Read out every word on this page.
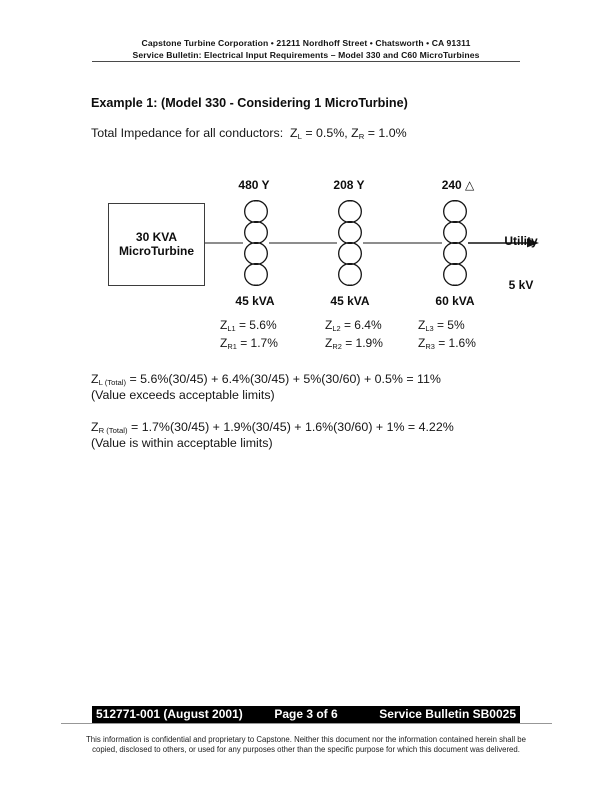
Capstone Turbine Corporation • 21211 Nordhoff Street • Chatsworth • CA 91311
Service Bulletin: Electrical Input Requirements – Model 330 and C60 MicroTurbines
Example 1: (Model 330 - Considering 1 MicroTurbine)
Total Impedance for all conductors:  $Z_L = 0.5\%$, $Z_R = 1.0\%$
480 Y	208 Y	240 △
30 KVA
MicroTurbine

Utility

5 kV

45 kVA	45 kVA	60 kVA
$Z_{L1} = 5.6\%$	$Z_{L2} = 6.4\%$	$Z_{L3} = 5\%$
$Z_{R1} = 1.7\%$	$Z_{R2} = 1.9\%$	$Z_{R3} = 1.6\%$
$Z_{L (Total)} = 5.6\%(30/45) + 6.4\%(30/45) + 5\%(30/60) + 0.5\% = 11\%$
(Value exceeds acceptable limits)
$Z_{R (Total)} = 1.7\%(30/45) + 1.9\%(30/45) + 1.6\%(30/60) + 1\% = 4.22\%$
(Value is within acceptable limits)
512771-001 (August 2001)	Page 3 of 6	Service Bulletin SB0025
This information is confidential and proprietary to Capstone. Neither this document nor the information contained herein shall be
copied, disclosed to others, or used for any purposes other than the specific purpose for which this document was delivered.
